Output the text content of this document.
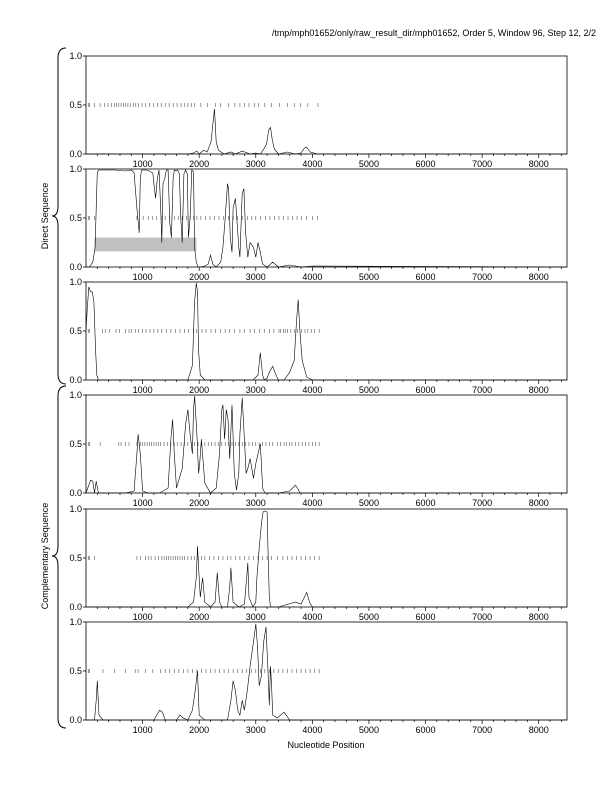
/tmp/mph01652/only/raw_result_dir/mph01652, Order 5, Window 96, Step 12, 2/2
Direct Sequence
Complementary Sequence
Nucleotide Position
0.0
0.5
1.0
1000	2000	3000	4000	5000	6000	7000	8000
0.0
0.5
1.0
1000	2000	3000	4000	5000	6000	7000	8000
0.0
0.5
1.0
1000	2000	3000	4000	5000	6000	7000	8000
0.0
0.5
1.0
1000	2000	3000	4000	5000	6000	7000	8000
0.0
0.5
1.0
1000	2000	3000	4000	5000	6000	7000	8000
0.0
0.5
1.0
1000	2000	3000	4000	5000	6000	7000	8000
